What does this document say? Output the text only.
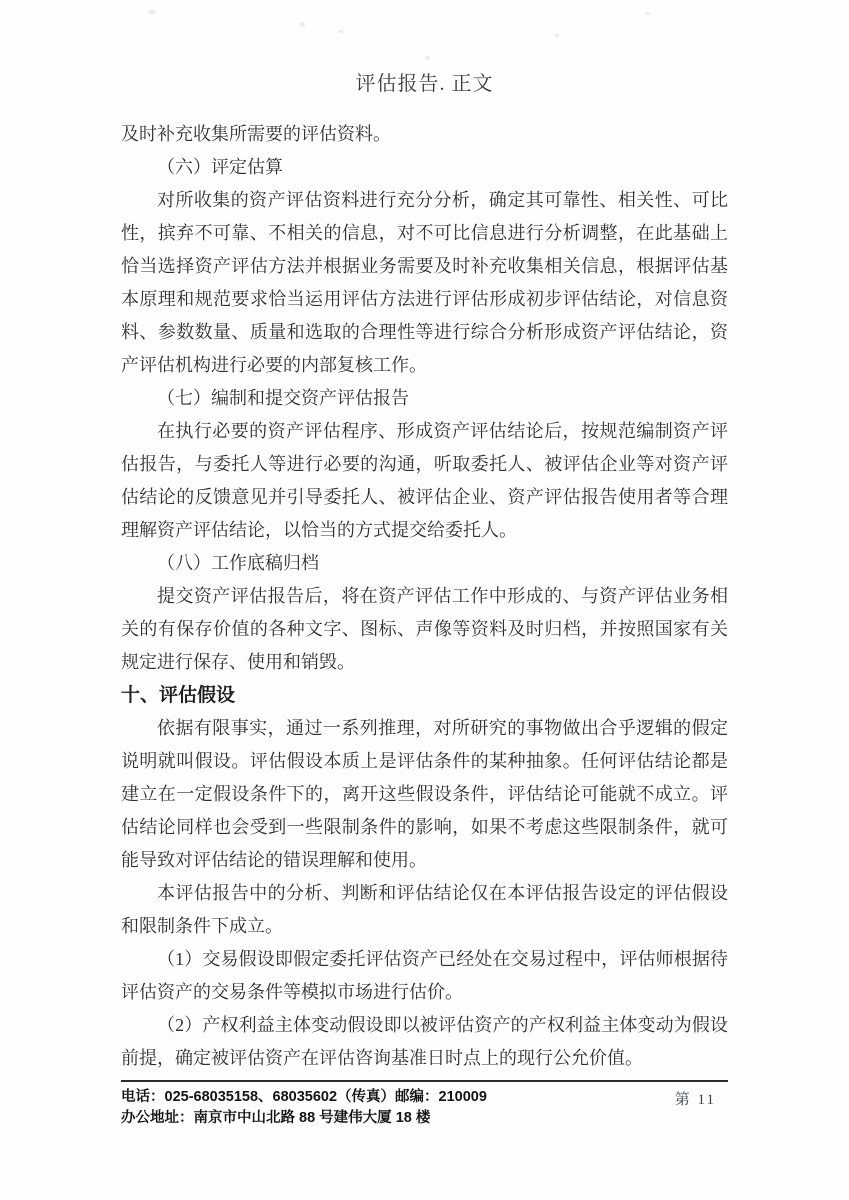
评估报告. 正文

及时补充收集所需要的评估资料。

（六）评定估算

对所收集的资产评估资料进行充分分析，确定其可靠性、相关性、可比性，摈弃不可靠、不相关的信息，对不可比信息进行分析调整，在此基础上恰当选择资产评估方法并根据业务需要及时补充收集相关信息，根据评估基本原理和规范要求恰当运用评估方法进行评估形成初步评估结论，对信息资料、参数数量、质量和选取的合理性等进行综合分析形成资产评估结论，资产评估机构进行必要的内部复核工作。

（七）编制和提交资产评估报告

在执行必要的资产评估程序、形成资产评估结论后，按规范编制资产评估报告，与委托人等进行必要的沟通，听取委托人、被评估企业等对资产评估结论的反馈意见并引导委托人、被评估企业、资产评估报告使用者等合理理解资产评估结论，以恰当的方式提交给委托人。

（八）工作底稿归档

提交资产评估报告后，将在资产评估工作中形成的、与资产评估业务相关的有保存价值的各种文字、图标、声像等资料及时归档，并按照国家有关规定进行保存、使用和销毁。

十、评估假设

依据有限事实，通过一系列推理，对所研究的事物做出合乎逻辑的假定说明就叫假设。评估假设本质上是评估条件的某种抽象。任何评估结论都是建立在一定假设条件下的，离开这些假设条件，评估结论可能就不成立。评估结论同样也会受到一些限制条件的影响，如果不考虑这些限制条件，就可能导致对评估结论的错误理解和使用。

本评估报告中的分析、判断和评估结论仅在本评估报告设定的评估假设和限制条件下成立。

（1）交易假设即假定委托评估资产已经处在交易过程中，评估师根据待评估资产的交易条件等模拟市场进行估价。

（2）产权利益主体变动假设即以被评估资产的产权利益主体变动为假设前提，确定被评估资产在评估咨询基准日时点上的现行公允价值。

电话：025-68035158、68035602（传真）邮编：210009
办公地址：南京市中山北路 88 号建伟大厦 18 楼
第 11
